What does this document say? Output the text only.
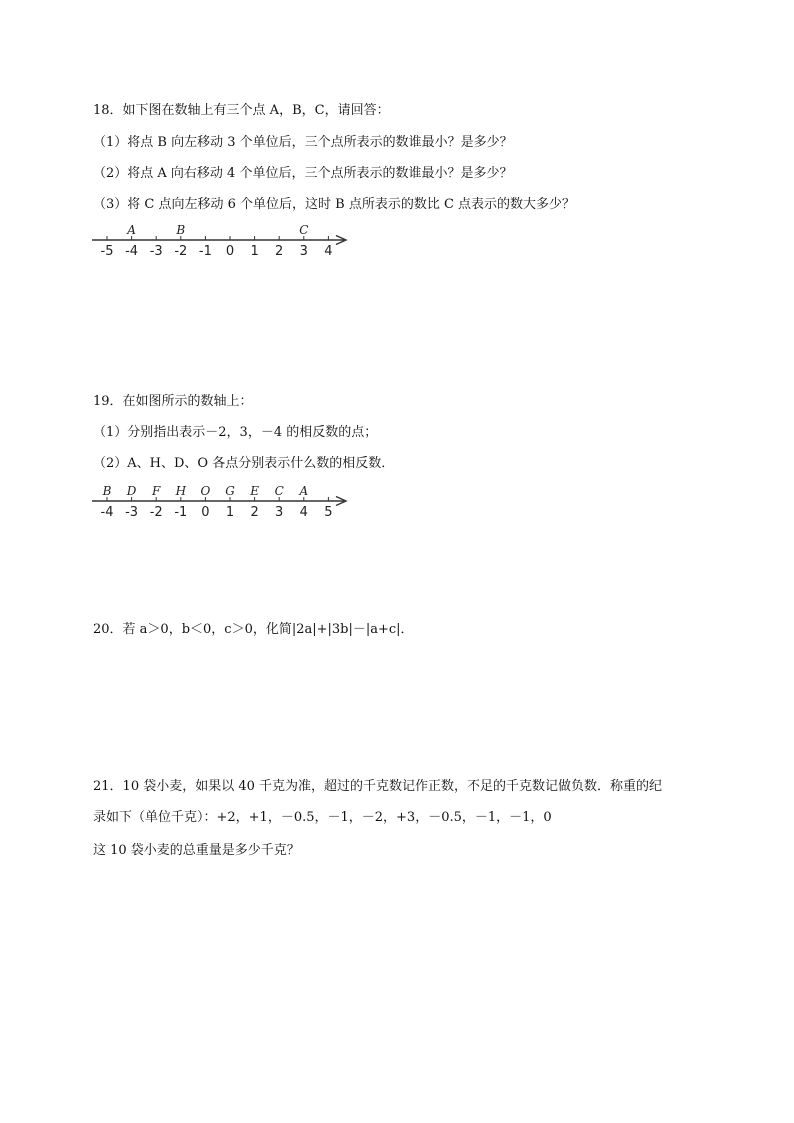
18．如下图在数轴上有三个点 A，B，C，请回答：
（1）将点 B 向左移动 3 个单位后，三个点所表示的数谁最小？是多少？
（2）将点 A 向右移动 4 个单位后，三个点所表示的数谁最小？是多少？
（3）将 C 点向左移动 6 个单位后，这时 B 点所表示的数比 C 点表示的数大多少？
-5 -4 -3 -2 -1 0 1 2 3 4
A	B	C
19．在如图所示的数轴上：
（1）分别指出表示－2，3，－4 的相反数的点；
（2）A、H、D、O 各点分别表示什么数的相反数．
-4 -3 -2 -1 0 1 2 3 4 5
B D F H O G E C A
20．若 a＞0，b＜0，c＞0，化简|2a|+|3b|－|a+c|．
21．10 袋小麦，如果以 40 千克为准，超过的千克数记作正数，不足的千克数记做负数．称重的纪
录如下（单位千克）：+2，+1，－0.5，－1，－2，+3，－0.5，－1，－1，0
这 10 袋小麦的总重量是多少千克？
